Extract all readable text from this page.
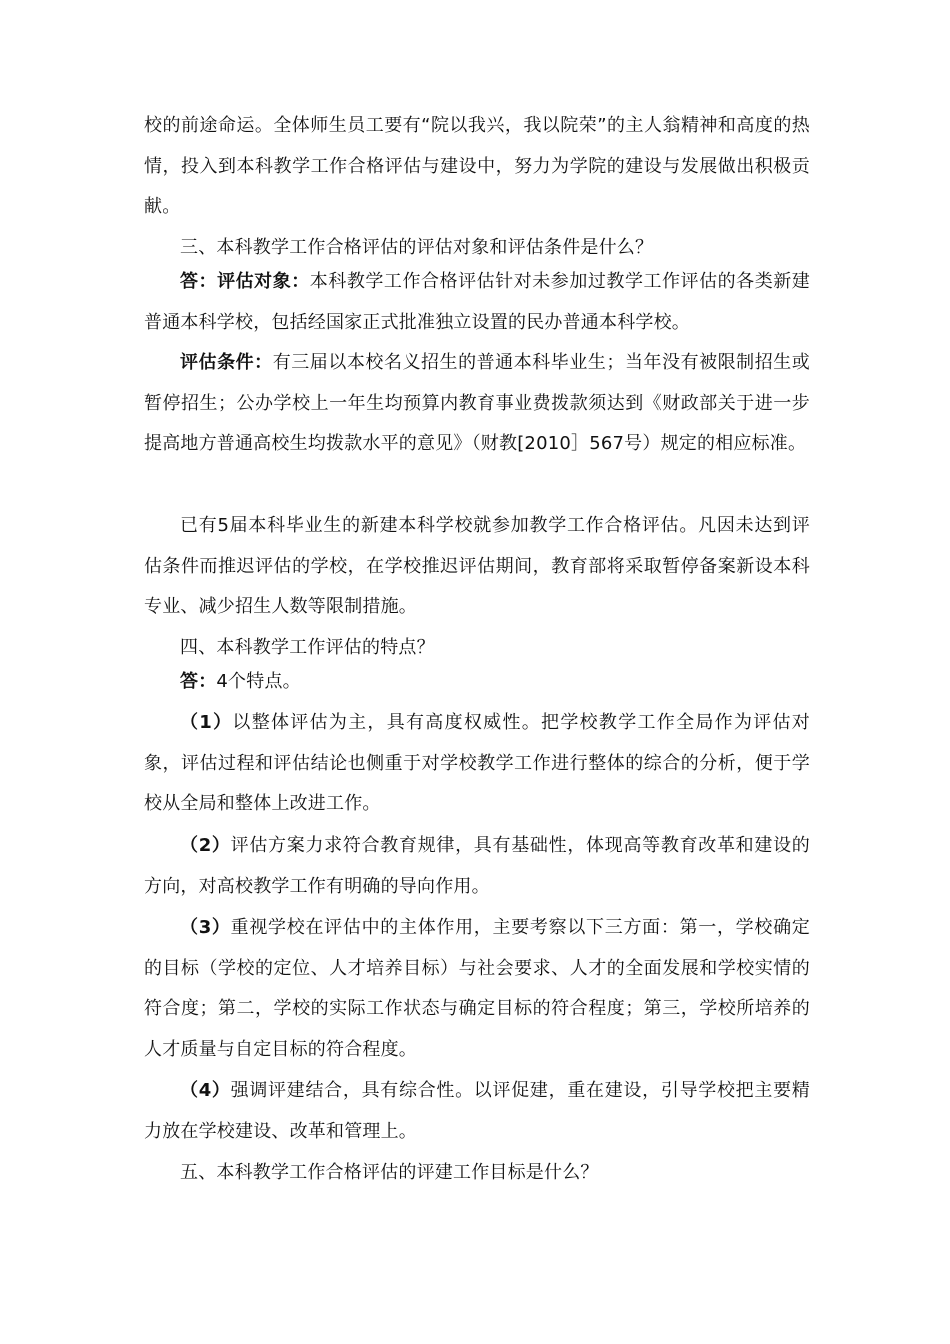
校的前途命运。全体师生员工要有“院以我兴，我以院荣”的主人翁精神和高度的热情，投入到本科教学工作合格评估与建设中，努力为学院的建设与发展做出积极贡献。

三、本科教学工作合格评估的评估对象和评估条件是什么？

答：评估对象：本科教学工作合格评估针对未参加过教学工作评估的各类新建普通本科学校，包括经国家正式批准独立设置的民办普通本科学校。

评估条件：有三届以本校名义招生的普通本科毕业生；当年没有被限制招生或暂停招生；公办学校上一年生均预算内教育事业费拨款须达到《财政部关于进一步提高地方普通高校生均拨款水平的意见》（财教[2010］567号）规定的相应标准。

已有5届本科毕业生的新建本科学校就参加教学工作合格评估。凡因未达到评估条件而推迟评估的学校，在学校推迟评估期间，教育部将采取暂停备案新设本科专业、减少招生人数等限制措施。

四、本科教学工作评估的特点？

答：4个特点。

（1）以整体评估为主，具有高度权威性。把学校教学工作全局作为评估对象，评估过程和评估结论也侧重于对学校教学工作进行整体的综合的分析，便于学校从全局和整体上改进工作。

（2）评估方案力求符合教育规律，具有基础性，体现高等教育改革和建设的方向，对高校教学工作有明确的导向作用。

（3）重视学校在评估中的主体作用，主要考察以下三方面：第一，学校确定的目标（学校的定位、人才培养目标）与社会要求、人才的全面发展和学校实情的符合度；第二，学校的实际工作状态与确定目标的符合程度；第三，学校所培养的人才质量与自定目标的符合程度。

（4）强调评建结合，具有综合性。以评促建，重在建设，引导学校把主要精力放在学校建设、改革和管理上。

五、本科教学工作合格评估的评建工作目标是什么？
